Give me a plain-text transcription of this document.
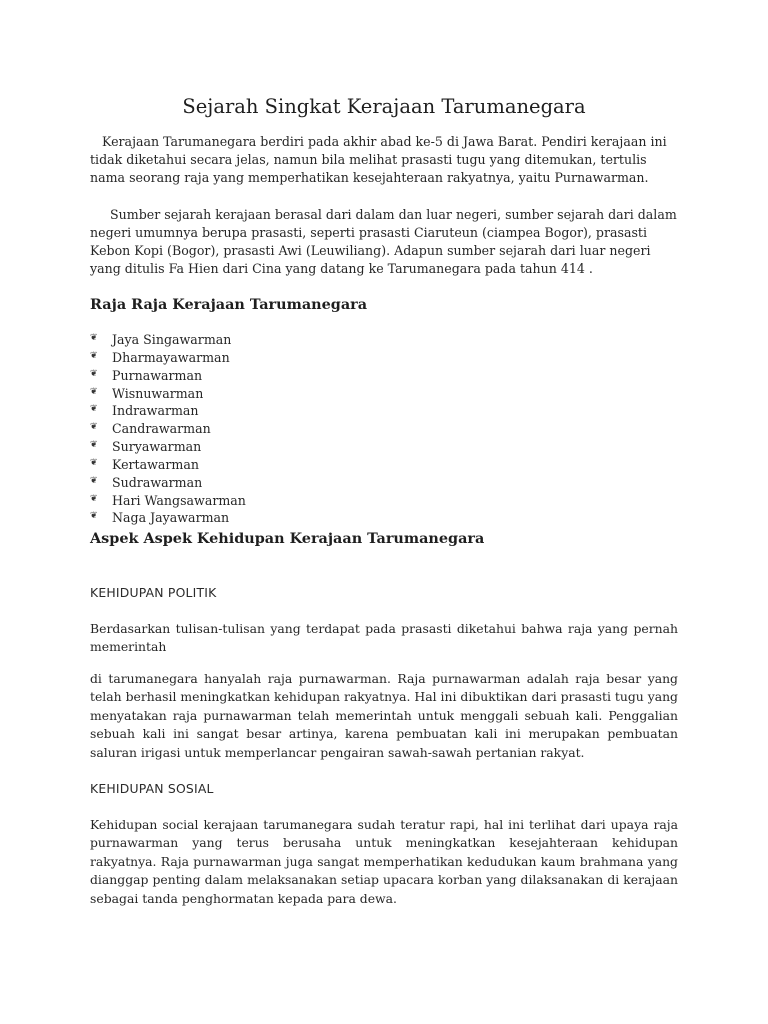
Sejarah Singkat Kerajaan Tarumanegara

Kerajaan Tarumanegara berdiri pada akhir abad ke-5 di Jawa Barat. Pendiri kerajaan ini tidak diketahui secara jelas, namun bila melihat prasasti tugu yang ditemukan, tertulis nama seorang raja yang memperhatikan kesejahteraan rakyatnya, yaitu Purnawarman.

Sumber sejarah kerajaan berasal dari dalam dan luar negeri, sumber sejarah dari dalam negeri umumnya berupa prasasti, seperti prasasti Ciaruteun (ciampea Bogor), prasasti Kebon Kopi (Bogor), prasasti Awi (Leuwiliang). Adapun sumber sejarah dari luar negeri yang ditulis Fa Hien dari Cina yang datang ke Tarumanegara pada tahun 414 .

Raja Raja Kerajaan Tarumanegara
❦ Jaya Singawarman
❦ Dharmayawarman
❦ Purnawarman
❦ Wisnuwarman
❦ Indrawarman
❦ Candrawarman
❦ Suryawarman
❦ Kertawarman
❦ Sudrawarman
❦ Hari Wangsawarman
❦ Naga Jayawarman
Aspek Aspek Kehidupan Kerajaan Tarumanegara

KEHIDUPAN POLITIK

Berdasarkan tulisan-tulisan yang terdapat pada prasasti diketahui bahwa raja yang pernah memerintah

di tarumanegara hanyalah raja purnawarman. Raja purnawarman adalah raja besar yang telah berhasil meningkatkan kehidupan rakyatnya. Hal ini dibuktikan dari prasasti tugu yang menyatakan raja purnawarman telah memerintah untuk menggali sebuah kali. Penggalian sebuah kali ini sangat besar artinya, karena pembuatan kali ini merupakan pembuatan saluran irigasi untuk memperlancar pengairan sawah-sawah pertanian rakyat.

KEHIDUPAN SOSIAL

Kehidupan social kerajaan tarumanegara sudah teratur rapi, hal ini terlihat dari upaya raja purnawarman yang terus berusaha untuk meningkatkan kesejahteraan kehidupan rakyatnya. Raja purnawarman juga sangat memperhatikan kedudukan kaum brahmana yang dianggap penting dalam melaksanakan setiap upacara korban yang dilaksanakan di kerajaan sebagai tanda penghormatan kepada para dewa.
